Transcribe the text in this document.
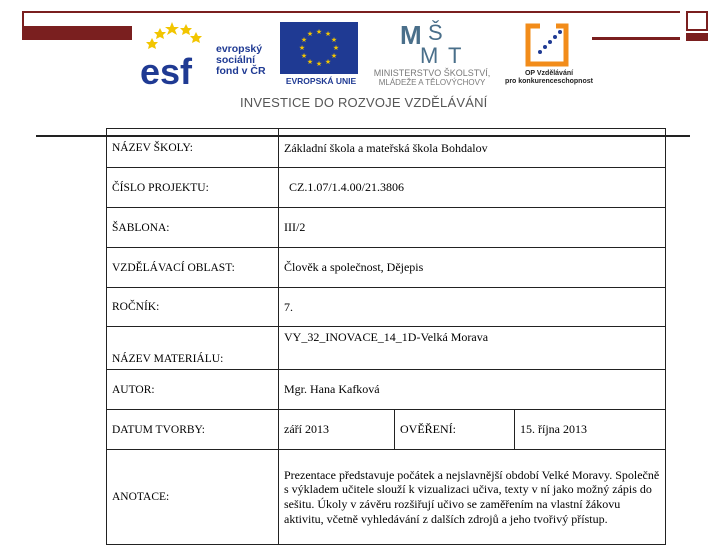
esf
evropský
sociální
fond v ČR
★ ★
★
★
★
★
★
★
★
★
★
★
EVROPSKÁ UNIE
M Š
M T
MINISTERSTVO ŠKOLSTVÍ,
MLÁDEŽE A TĚLOVÝCHOVY
OP Vzdělávání
pro konkurenceschopnost
INVESTICE DO ROZVOJE VZDĚLÁVÁNÍ
NÁZEV ŠKOLY:	Základní škola a mateřská škola Bohdalov		
ČÍSLO PROJEKTU:	CZ.1.07/1.4.00/21.3806		
ŠABLONA:	III/2		
VZDĚLÁVACÍ OBLAST:	Člověk a společnost, Dějepis		
ROČNÍK:	7.		
NÁZEV MATERIÁLU:	VY_32_INOVACE_14_1D-Velká Morava		
AUTOR:	Mgr. Hana Kafková		
DATUM TVORBY:	září 2013	OVĚŘENÍ:	15. října 2013
ANOTACE:	Prezentace představuje počátek a nejslavnější období Velké Moravy. Společně s výkladem učitele slouží k vizualizaci učiva, texty v ní jako možný zápis do sešitu. Úkoly v závěru rozšiřují učivo se zaměřením na vlastní žákovu aktivitu, včetně vyhledávání z dalších zdrojů a jeho tvořivý přístup.		
